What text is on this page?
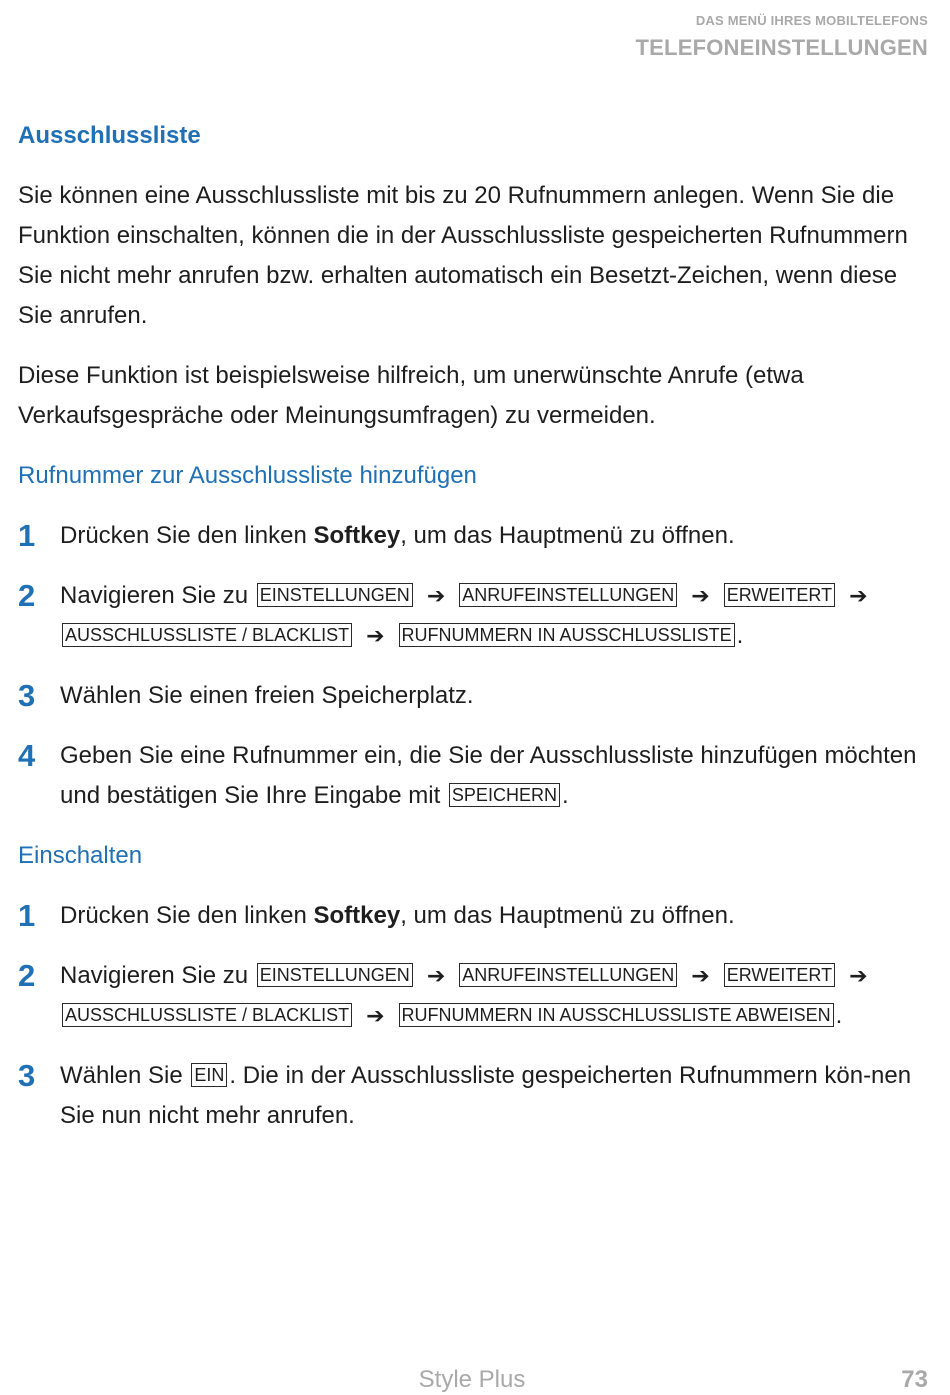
DAS MENÜ IHRES MOBILTELEFONS
TELEFONEINSTELLUNGEN
Ausschlussliste

Sie können eine Ausschlussliste mit bis zu 20 Rufnummern anlegen. Wenn Sie die Funktion einschalten, können die in der Ausschlussliste gespeicherten Rufnummern Sie nicht mehr anrufen bzw. erhalten automatisch ein Besetzt-Zeichen, wenn diese Sie anrufen.

Diese Funktion ist beispielsweise hilfreich, um unerwünschte Anrufe (etwa Verkaufsgespräche oder Meinungsumfragen) zu vermeiden.

Rufnummer zur Ausschlussliste hinzufügen
1	Drücken Sie den linken Softkey, um das Hauptmenü zu öffnen.
2	Navigieren Sie zu EINSTELLUNGEN ➔ ANRUFEINSTELLUNGEN ➔ ERWEITERT ➔
AUSSCHLUSSLISTE / BLACKLIST ➔ RUFNUMMERN IN AUSSCHLUSSLISTE .
3	Wählen Sie einen freien Speicherplatz.
4	Geben Sie eine Rufnummer ein, die Sie der Ausschlussliste hinzufügen möchten und bestätigen Sie Ihre Eingabe mit SPEICHERN .
Einschalten
1	Drücken Sie den linken Softkey, um das Hauptmenü zu öffnen.
2	Navigieren Sie zu EINSTELLUNGEN ➔ ANRUFEINSTELLUNGEN ➔ ERWEITERT ➔
AUSSCHLUSSLISTE / BLACKLIST ➔ RUFNUMMERN IN AUSSCHLUSSLISTE ABWEISEN .
3	Wählen Sie EIN . Die in der Ausschlussliste gespeicherten Rufnummern kön-nen Sie nun nicht mehr anrufen.
Style Plus	73
